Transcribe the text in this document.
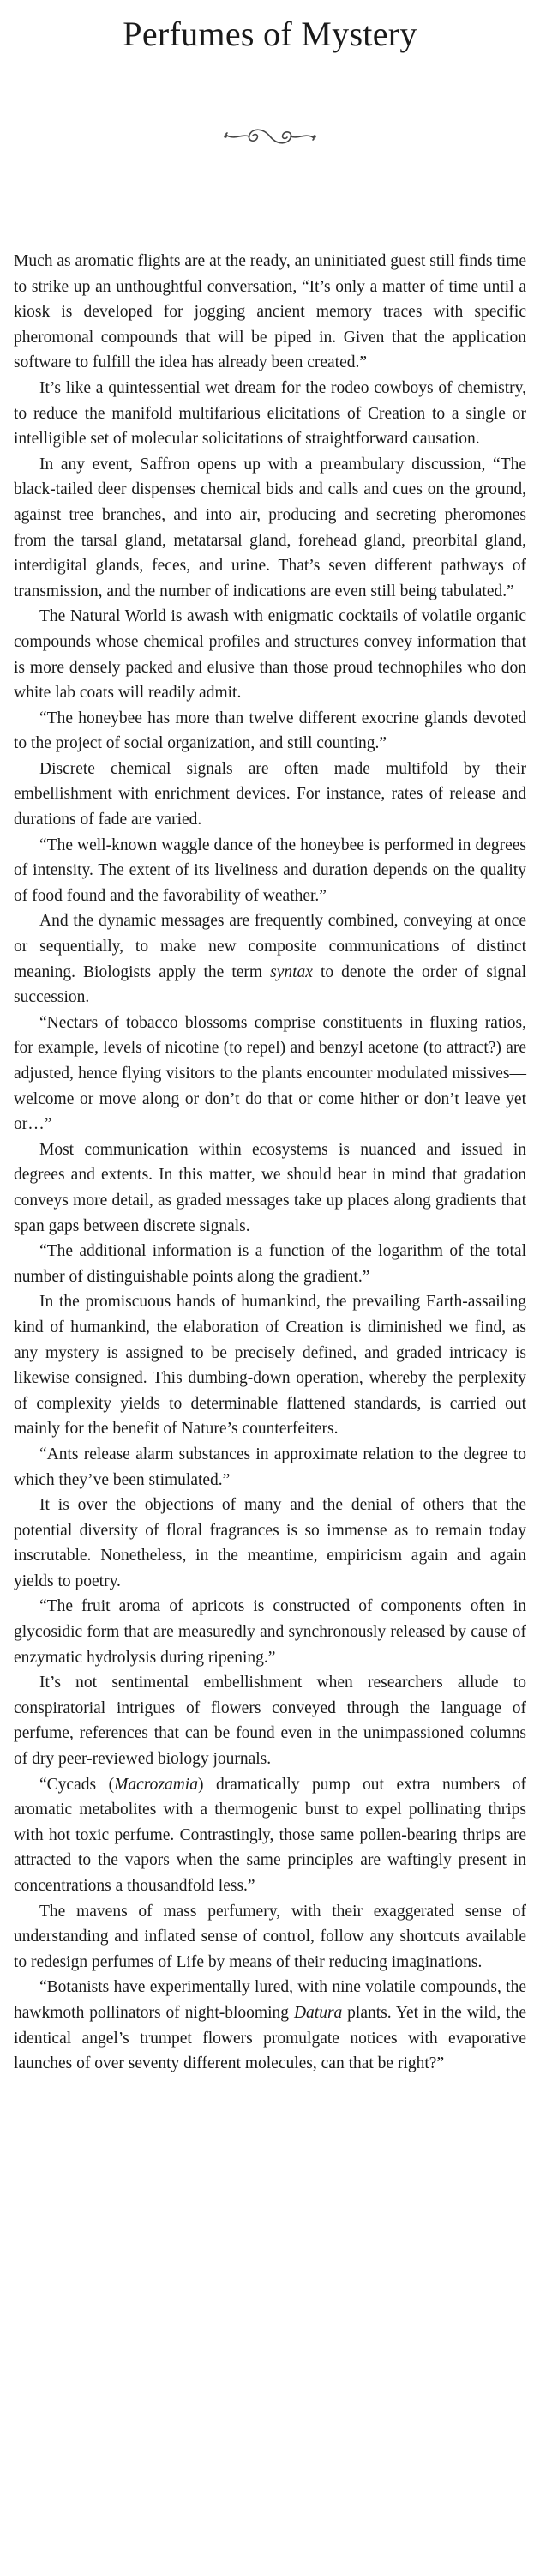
Perfumes of Mystery

Much as aromatic flights are at the ready, an uninitiated guest still finds time to strike up an unthoughtful conversation, “It’s only a matter of time until a kiosk is developed for jogging ancient memory traces with specific pheromonal compounds that will be piped in. Given that the application software to fulfill the idea has already been created.”

It’s like a quintessential wet dream for the rodeo cowboys of chemistry, to reduce the manifold multifarious elicitations of Creation to a single or intelligible set of molecular solicitations of straightforward causation.

In any event, Saffron opens up with a preambulary discussion, “The black-tailed deer dispenses chemical bids and calls and cues on the ground, against tree branches, and into air, producing and secreting pheromones from the tarsal gland, metatarsal gland, forehead gland, preorbital gland, interdigital glands, feces, and urine. That’s seven different pathways of transmission, and the number of indications are even still being tabulated.”

The Natural World is awash with enigmatic cocktails of volatile organic compounds whose chemical profiles and structures convey information that is more densely packed and elusive than those proud technophiles who don white lab coats will readily admit.

“The honeybee has more than twelve different exocrine glands devoted to the project of social organization, and still counting.”

Discrete chemical signals are often made multifold by their embellishment with enrichment devices. For instance, rates of release and durations of fade are varied.

“The well-known waggle dance of the honeybee is performed in degrees of intensity. The extent of its liveliness and duration depends on the quality of food found and the favorability of weather.”

And the dynamic messages are frequently combined, conveying at once or sequentially, to make new composite communications of distinct meaning. Biologists apply the term syntax to denote the order of signal succession.

“Nectars of tobacco blossoms comprise constituents in fluxing ratios, for example, levels of nicotine (to repel) and benzyl acetone (to attract?) are adjusted, hence flying visitors to the plants encounter modulated missives—welcome or move along or don’t do that or come hither or don’t leave yet or…”

Most communication within ecosystems is nuanced and issued in degrees and extents. In this matter, we should bear in mind that gradation conveys more detail, as graded messages take up places along gradients that span gaps between discrete signals.

“The additional information is a function of the logarithm of the total number of distinguishable points along the gradient.”

In the promiscuous hands of humankind, the prevailing Earth-assailing kind of humankind, the elaboration of Creation is diminished we find, as any mystery is assigned to be precisely defined, and graded intricacy is likewise consigned. This dumbing-down operation, whereby the perplexity of complexity yields to determinable flattened standards, is carried out mainly for the benefit of Nature’s counterfeiters.

“Ants release alarm substances in approximate relation to the degree to which they’ve been stimulated.”

It is over the objections of many and the denial of others that the potential diversity of floral fragrances is so immense as to remain today inscrutable. Nonetheless, in the meantime, empiricism again and again yields to poetry.

“The fruit aroma of apricots is constructed of components often in glycosidic form that are measuredly and synchronously released by cause of enzymatic hydrolysis during ripening.”

It’s not sentimental embellishment when researchers allude to conspiratorial intrigues of flowers conveyed through the language of perfume, references that can be found even in the unimpassioned columns of dry peer-reviewed biology journals.

“Cycads (Macrozamia) dramatically pump out extra numbers of aromatic metabolites with a thermogenic burst to expel pollinating thrips with hot toxic perfume. Contrastingly, those same pollen-bearing thrips are attracted to the vapors when the same principles are waftingly present in concentrations a thousandfold less.”

The mavens of mass perfumery, with their exaggerated sense of understanding and inflated sense of control, follow any shortcuts available to redesign perfumes of Life by means of their reducing imaginations.

“Botanists have experimentally lured, with nine volatile compounds, the hawkmoth pollinators of night-blooming Datura plants. Yet in the wild, the identical angel’s trumpet flowers promulgate notices with evaporative launches of over seventy different molecules, can that be right?”
